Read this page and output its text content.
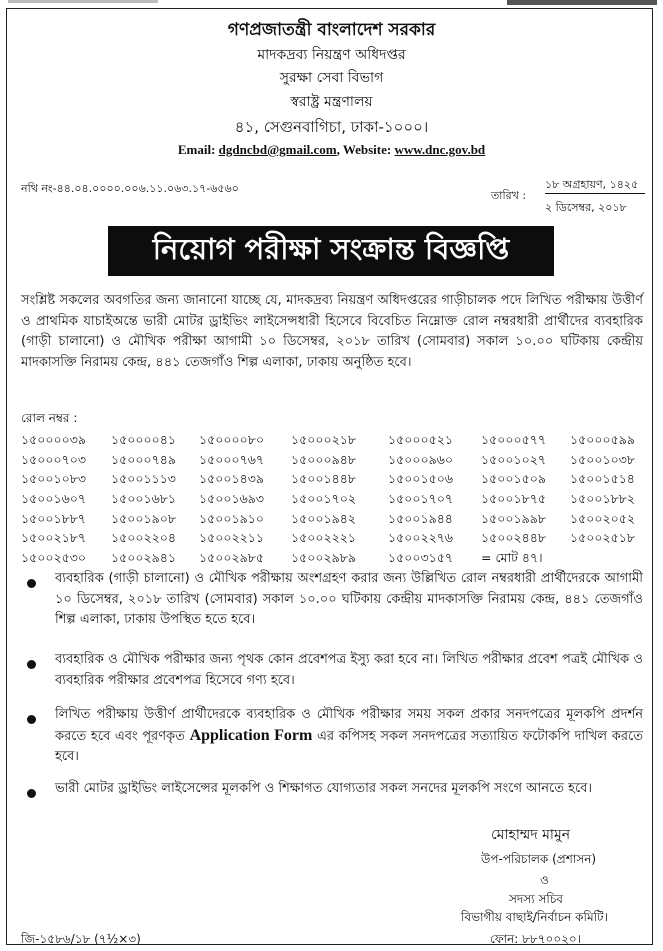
গণপ্রজাতন্ত্রী বাংলাদেশ সরকার
মাদকদ্রব্য নিয়ন্ত্রণ অধিদপ্তর
সুরক্ষা সেবা বিভাগ
স্বরাষ্ট্র মন্ত্রণালয়
৪১, সেগুনবাগিচা, ঢাকা-১০০০।
Email: dgdncbd@gmail.com, Website: www.dnc.gov.bd
নথি নং-৪৪.০৪.০০০০.০০৬.১১.০৬৩.১৭-৬৫৬০
তারিখ :
১৮ অগ্রহায়ণ, ১৪২৫
২ ডিসেম্বর, ২০১৮
নিয়োগ পরীক্ষা সংক্রান্ত বিজ্ঞপ্তি

সংশ্লিষ্ট সকলের অবগতির জন্য জানানো যাচ্ছে যে, মাদকদ্রব্য নিয়ন্ত্রণ অধিদপ্তরের গাড়ীচালক পদে লিখিত পরীক্ষায় উত্তীর্ণ ও প্রাথমিক যাচাইঅন্তে ভারী মোটর ড্রাইভিং লাইসেন্সধারী হিসেবে বিবেচিত নিম্নোক্ত রোল নম্বরধারী প্রার্থীদের ব্যবহারিক (গাড়ী চালানো) ও মৌখিক পরীক্ষা আগামী ১০ ডিসেম্বর, ২০১৮ তারিখ (সোমবার) সকাল ১০.০০ ঘটিকায় কেন্দ্রীয় মাদকাসক্তি নিরাময় কেন্দ্র, ৪৪১ তেজগাঁও শিল্প এলাকা, ঢাকায় অনুষ্ঠিত হবে।

রোল নম্বর :
১৫০০০০৩৯ ১৫০০০০৪১ ১৫০০০০৮০ ১৫০০০২১৮	১৫০০০৫২১ ১৫০০০৫৭৭ ১৫০০০৫৯৯
১৫০০০৭০৩ ১৫০০০৭৪৯ ১৫০০০৭৬৭ ১৫০০০৯৪৮	১৫০০০৯৬০ ১৫০০১০২৭ ১৫০০১০৩৮
১৫০০১০৮৩ ১৫০০১১১৩ ১৫০০১৪৩৯ ১৫০০১৪৪৮	১৫০০১৫০৬ ১৫০০১৫০৯ ১৫০০১৫১৪
১৫০০১৬০৭ ১৫০০১৬৮১ ১৫০০১৬৯৩ ১৫০০১৭০২	১৫০০১৭০৭ ১৫০০১৮৭৫ ১৫০০১৮৮২
১৫০০১৮৮৭ ১৫০০১৯০৮ ১৫০০১৯১০ ১৫০০১৯৪২	১৫০০১৯৪৪ ১৫০০১৯৯৮ ১৫০০২০৫২
১৫০০২১৮৭ ১৫০০২২০৪ ১৫০০২২১১ ১৫০০২২২১	১৫০০২২৭৬ ১৫০০২৪৪৮ ১৫০০২৫১৮
১৫০০২৫৩০ ১৫০০২৯৪১ ১৫০০২৯৮৫ ১৫০০২৯৮৯	১৫০০৩১৫৭ = মোট ৪৭।

ব্যবহারিক (গাড়ী চালানো) ও মৌখিক পরীক্ষায় অংশগ্রহণ করার জন্য উল্লিখিত রোল নম্বরধারী প্রার্থীদেরকে আগামী ১০ ডিসেম্বর, ২০১৮ তারিখ (সোমবার) সকাল ১০.০০ ঘটিকায় কেন্দ্রীয় মাদকাসক্তি নিরাময় কেন্দ্র, ৪৪১ তেজগাঁও শিল্প এলাকা, ঢাকায় উপস্থিত হতে হবে।

ব্যবহারিক ও মৌখিক পরীক্ষার জন্য পৃথক কোন প্রবেশপত্র ইস্যু করা হবে না। লিখিত পরীক্ষার প্রবেশ পত্রই মৌখিক ও ব্যবহারিক পরীক্ষার প্রবেশপত্র হিসেবে গণ্য হবে।

লিখিত পরীক্ষায় উত্তীর্ণ প্রার্থীদেরকে ব্যবহারিক ও মৌখিক পরীক্ষার সময় সকল প্রকার সনদপত্রের মূলকপি প্রদর্শন করতে হবে এবং পূরণকৃত Application Form এর কপিসহ সকল সনদপত্রের সত্যায়িত ফটোকপি দাখিল করতে হবে।

ভারী মোটর ড্রাইভিং লাইসেন্সের মূলকপি ও শিক্ষাগত যোগ্যতার সকল সনদের মূলকপি সংগে আনতে হবে।

মোহাম্মদ মামুন
উপ-পরিচালক (প্রশাসন)
ও
সদস্য সচিব
বিভাগীয় বাছাই/নির্বাচন কমিটি।
ফোন: ৮৮৭০০২০।
জি-১৫৮৬/১৮ (৭½×৩)
